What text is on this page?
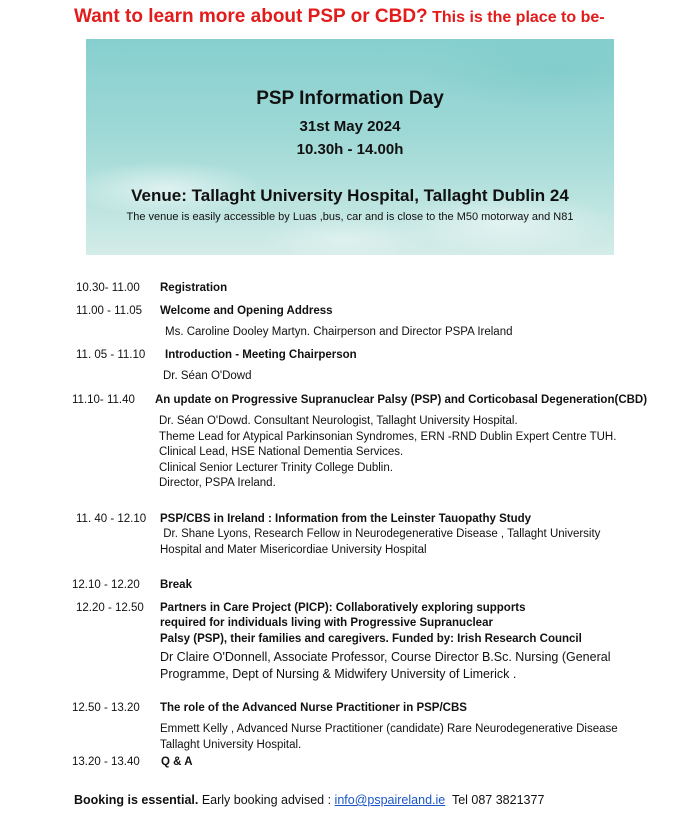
Want to learn more about PSP or CBD? This is the place to be-
PSP Information Day
31st May 2024
10.30h - 14.00h
Venue: Tallaght University Hospital, Tallaght Dublin 24
The venue is easily accessible by Luas ,bus, car and is close to the M50 motorway and N81
10.30- 11.00 Registration
11.00 - 11.05 Welcome and Opening Address
Ms. Caroline Dooley Martyn. Chairperson and Director PSPA Ireland
11. 05 - 11.10 Introduction - Meeting Chairperson
Dr. Séan O'Dowd
11.10- 11.40 An update on Progressive Supranuclear Palsy (PSP) and Corticobasal Degeneration(CBD)
Dr. Séan O'Dowd. Consultant Neurologist, Tallaght University Hospital.
Theme Lead for Atypical Parkinsonian Syndromes, ERN -RND Dublin Expert Centre TUH.
Clinical Lead, HSE National Dementia Services.
Clinical Senior Lecturer Trinity College Dublin.
Director, PSPA Ireland.
11. 40 - 12.10 PSP/CBS in Ireland : Information from the Leinster Tauopathy Study
Dr. Shane Lyons, Research Fellow in Neurodegenerative Disease , Tallaght University
Hospital and Mater Misericordiae University Hospital
12.10 - 12.20 Break
12.20 - 12.50 Partners in Care Project (PICP): Collaboratively exploring supports
required for individuals living with Progressive Supranuclear
Palsy (PSP), their families and caregivers. Funded by: Irish Research Council
Dr Claire O'Donnell, Associate Professor, Course Director B.Sc. Nursing (General
Programme, Dept of Nursing & Midwifery University of Limerick .
12.50 - 13.20 The role of the Advanced Nurse Practitioner in PSP/CBS
Emmett Kelly , Advanced Nurse Practitioner (candidate) Rare Neurodegenerative Disease
Tallaght University Hospital.
13.20 - 13.40 Q & A
Booking is essential. Early booking advised : info@pspaireland.ie  Tel 087 3821377
